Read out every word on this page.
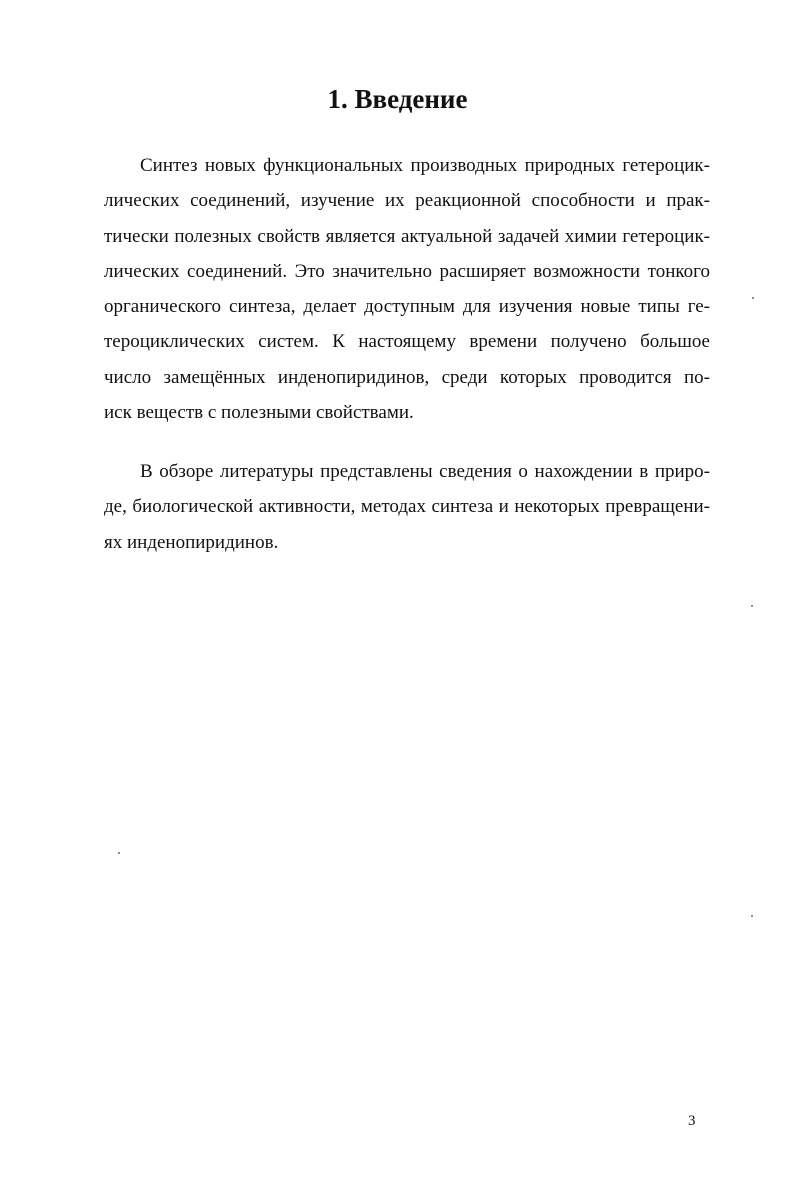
1. Введение
Синтез новых функциональных производных природных гетероцик-
лических соединений, изучение их реакционной способности и прак-
тически полезных свойств является актуальной задачей химии гетероцик-
лических соединений. Это значительно расширяет возможности тонкого
органического синтеза, делает доступным для изучения новые типы ге-
тероциклических систем. К настоящему времени получено большое
число замещённых инденопиридинов, среди которых проводится по-
иск веществ с полезными свойствами.
В обзоре литературы представлены сведения о нахождении в приро-
де, биологической активности, методах синтеза и некоторых превращени-
ях инденопиридинов.
3
